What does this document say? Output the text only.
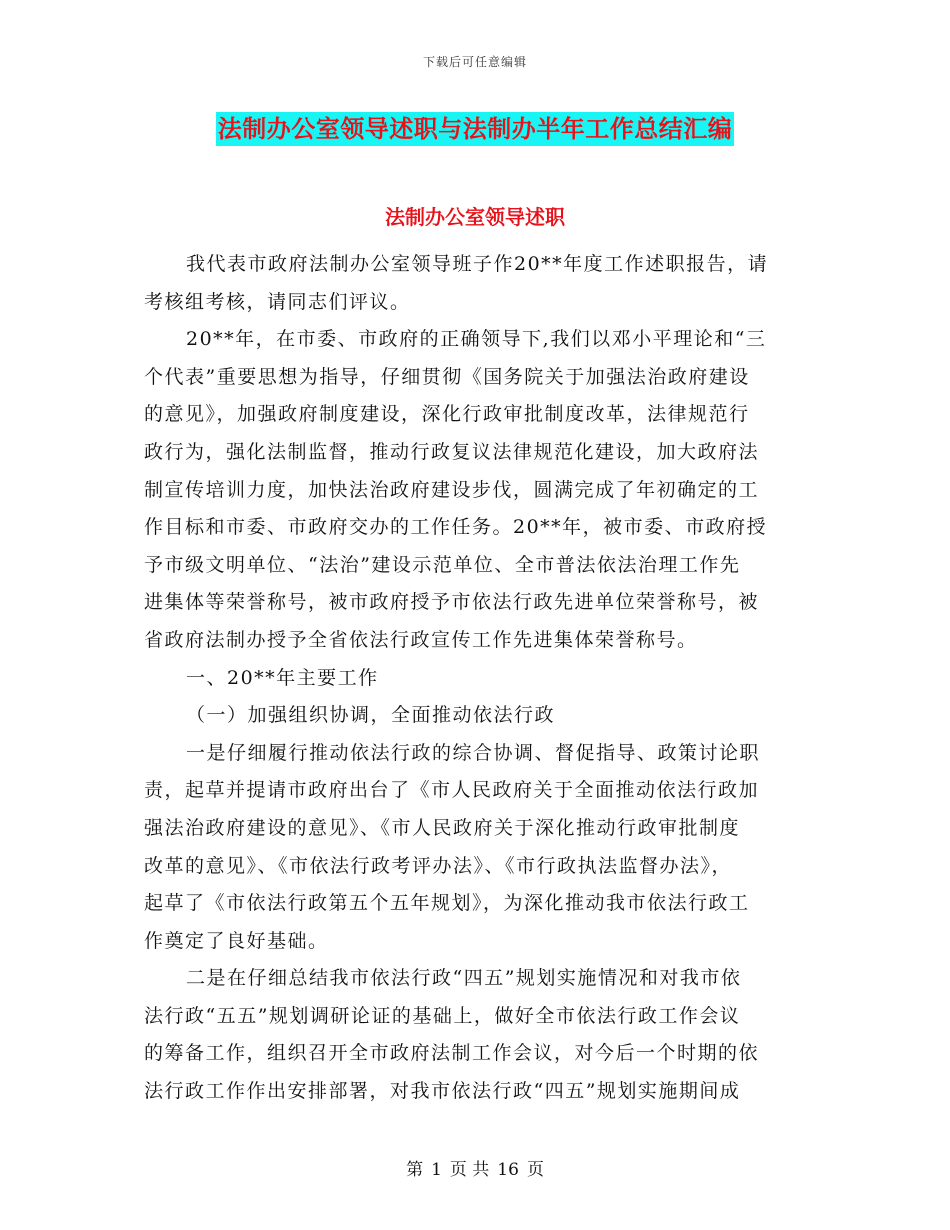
下载后可任意编辑
法制办公室领导述职与法制办半年工作总结汇编
法制办公室领导述职
我代表市政府法制办公室领导班子作20**年度工作述职报告，请
考核组考核，请同志们评议。
20**年，在市委、市政府的正确领导下,我们以邓小平理论和“三
个代表”重要思想为指导，仔细贯彻《国务院关于加强法治政府建设
的意见》，加强政府制度建设，深化行政审批制度改革，法律规范行
政行为，强化法制监督，推动行政复议法律规范化建设，加大政府法
制宣传培训力度，加快法治政府建设步伐，圆满完成了年初确定的工
作目标和市委、市政府交办的工作任务。20**年，被市委、市政府授
予市级文明单位、“法治”建设示范单位、全市普法依法治理工作先
进集体等荣誉称号，被市政府授予市依法行政先进单位荣誉称号，被
省政府法制办授予全省依法行政宣传工作先进集体荣誉称号。
一、20**年主要工作
（一）加强组织协调，全面推动依法行政
一是仔细履行推动依法行政的综合协调、督促指导、政策讨论职
责，起草并提请市政府出台了《市人民政府关于全面推动依法行政加
强法治政府建设的意见》、《市人民政府关于深化推动行政审批制度
改革的意见》、《市依法行政考评办法》、《市行政执法监督办法》，
起草了《市依法行政第五个五年规划》，为深化推动我市依法行政工
作奠定了良好基础。
二是在仔细总结我市依法行政“四五”规划实施情况和对我市依
法行政“五五”规划调研论证的基础上，做好全市依法行政工作会议
的筹备工作，组织召开全市政府法制工作会议，对今后一个时期的依
法行政工作作出安排部署，对我市依法行政“四五”规划实施期间成
第 1 页 共 16 页
